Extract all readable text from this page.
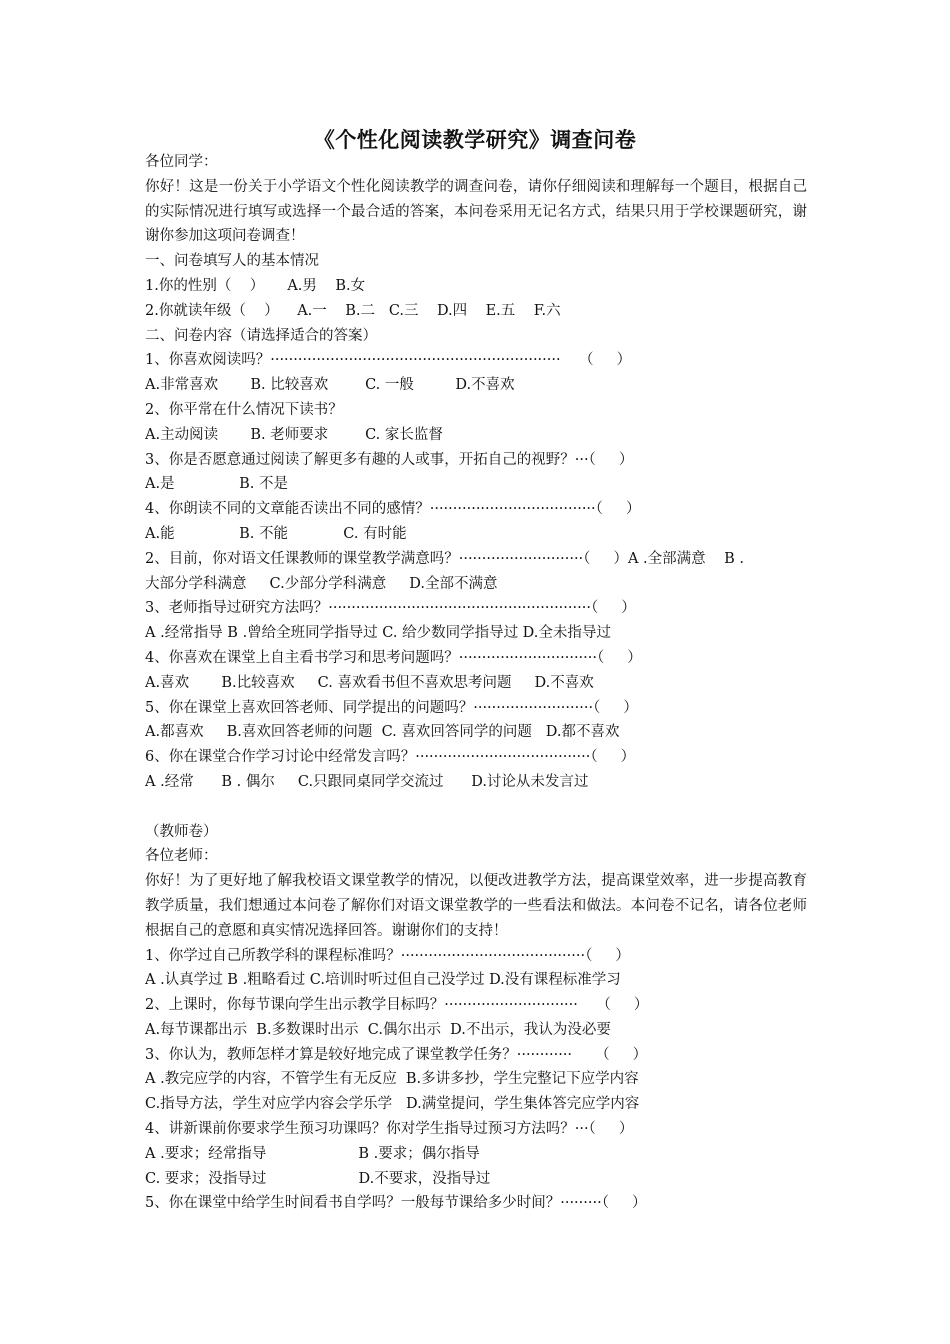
《个性化阅读教学研究》调查问卷
各位同学：
你好！这是一份关于小学语文个性化阅读教学的调查问卷，请你仔细阅读和理解每一个题目，根据自己的实际情况进行填写或选择一个最合适的答案，本问卷采用无记名方式，结果只用于学校课题研究，谢谢你参加这项问卷调查！
一、问卷填写人的基本情况
1.你的性别（    ）     A.男    B.女
2.你就读年级（    ）    A.一    B.二   C.三    D.四    E.五    F.六
二、问卷内容（请选择适合的答案）
1、你喜欢阅读吗？·······························································    （     ）
A.非常喜欢       B. 比较喜欢        C. 一般         D.不喜欢
2、你平常在什么情况下读书？
A.主动阅读       B. 老师要求        C. 家长监督
3、你是否愿意通过阅读了解更多有趣的人或事，开拓自己的视野？···（     ）
A.是              B. 不是
4、你朗读不同的文章能否读出不同的感情？····································（     ）
A.能              B. 不能            C. 有时能
2、目前，你对语文任课教师的课堂教学满意吗？···························（     ）A .全部满意    B .
大部分学科满意     C.少部分学科满意     D.全部不满意
3、老师指导过研究方法吗？·························································（     ）
A .经常指导 B .曾给全班同学指导过 C. 给少数同学指导过 D.全未指导过
4、你喜欢在课堂上自主看书学习和思考问题吗？······························（     ）
A.喜欢       B.比较喜欢     C. 喜欢看书但不喜欢思考问题     D.不喜欢
5、你在课堂上喜欢回答老师、同学提出的问题吗？··························（     ）
A.都喜欢     B.喜欢回答老师的问题  C. 喜欢回答同学的问题   D.都不喜欢
6、你在课堂合作学习讨论中经常发言吗？······································（     ）
A .经常      B . 偶尔     C.只跟同桌同学交流过      D.讨论从未发言过
（教师卷）
各位老师：
你好！为了更好地了解我校语文课堂教学的情况，以便改进教学方法，提高课堂效率，进一步提高教育教学质量，我们想通过本问卷了解你们对语文课堂教学的一些看法和做法。本问卷不记名，请各位老师根据自己的意愿和真实情况选择回答。谢谢你们的支持！
1、你学过自己所教学科的课程标准吗？········································（     ）
A .认真学过 B .粗略看过 C.培训时听过但自己没学过 D.没有课程标准学习
2、上课时，你每节课向学生出示教学目标吗？·····························    （     ）
A.每节课都出示  B.多数课时出示  C.偶尔出示  D.不出示，我认为没必要
3、你认为，教师怎样才算是较好地完成了课堂教学任务？············     （     ）
A .教完应学的内容，不管学生有无反应  B.多讲多抄，学生完整记下应学内容
C.指导方法，学生对应学内容会学乐学   D.满堂提问，学生集体答完应学内容
4、讲新课前你要求学生预习功课吗？你对学生指导过预习方法吗？···（     ）
A .要求；经常指导                    B .要求；偶尔指导
C. 要求；没指导过                    D.不要求，没指导过
5、你在课堂中给学生时间看书自学吗？一般每节课给多少时间？·········（     ）
